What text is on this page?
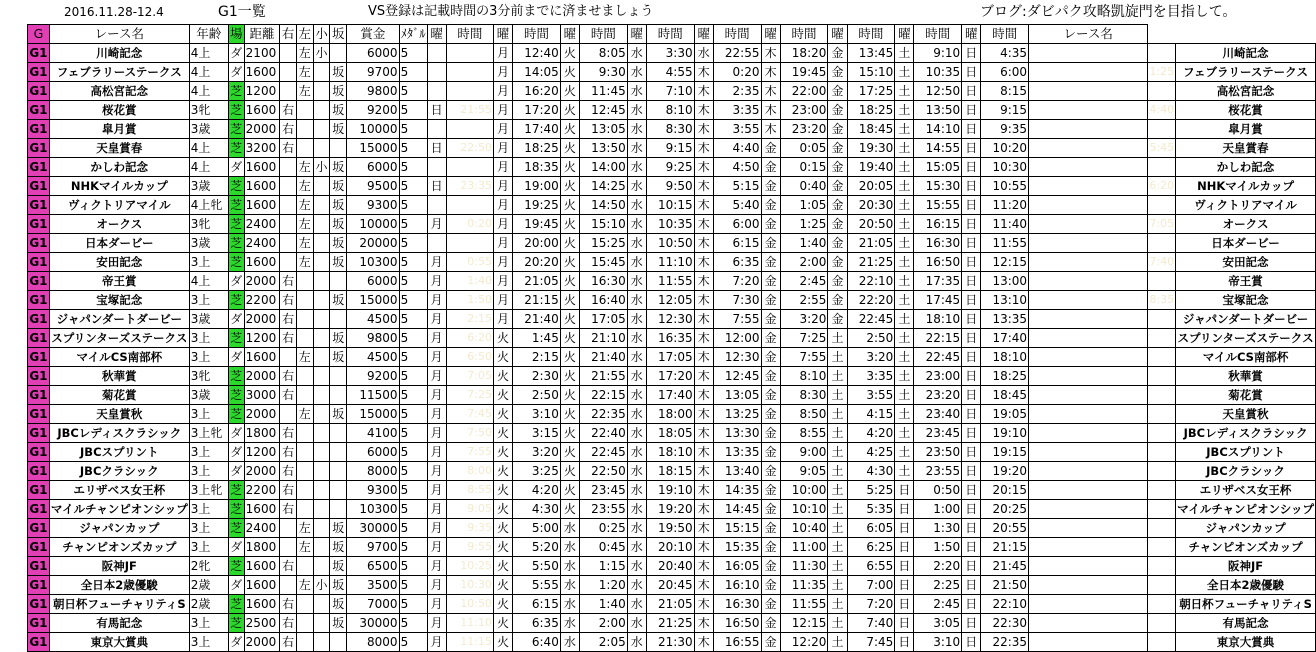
2016.11.28-12.4	G1一覧	VS登録は記載時間の3分前までに済ませましょう	ブログ:ダビパク攻略凱旋門を目指して。
G	レース名	年齢	場	距離	右	左	小	坂	賞金	ﾒﾀﾞﾙ	曜	時間	曜	時間	曜	時間	曜	時間	曜	時間	曜	時間	曜	時間	曜	時間	曜	時間	レース名		
G1	川崎記念	4上	ダ	2100		左	小		6000	5			月	12:40	火	8:05	水	3:30	水	22:55	木	18:20	金	13:45	土	9:10	日	4:35			川崎記念
G1	フェブラリーステークス	4上	ダ	1600		左		坂	9700	5			月	14:05	火	9:30	水	4:55	木	0:20	木	19:45	金	15:10	土	10:35	日	6:00		1:25	フェブラリーステークス
G1	高松宮記念	4上	芝	1200		左		坂	9800	5			月	16:20	火	11:45	水	7:10	木	2:35	木	22:00	金	17:25	土	12:50	日	8:15			高松宮記念
G1	桜花賞	3牝	芝	1600	右			坂	9200	5	日	21:55	月	17:20	火	12:45	水	8:10	木	3:35	木	23:00	金	18:25	土	13:50	日	9:15		4:40	桜花賞
G1	皐月賞	3歳	芝	2000	右			坂	10000	5			月	17:40	火	13:05	水	8:30	木	3:55	木	23:20	金	18:45	土	14:10	日	9:35			皐月賞
G1	天皇賞春	4上	芝	3200	右				15000	5	日	22:50	月	18:25	火	13:50	水	9:15	木	4:40	金	0:05	金	19:30	土	14:55	日	10:20		5:45	天皇賞春
G1	かしわ記念	4上	ダ	1600		左	小	坂	6000	5			月	18:35	火	14:00	水	9:25	木	4:50	金	0:15	金	19:40	土	15:05	日	10:30			かしわ記念
G1	NHKマイルカップ	3歳	芝	1600		左		坂	9500	5	日	23:35	月	19:00	火	14:25	水	9:50	木	5:15	金	0:40	金	20:05	土	15:30	日	10:55		6:20	NHKマイルカップ
G1	ヴィクトリアマイル	4上牝	芝	1600		左		坂	9300	5			月	19:25	火	14:50	水	10:15	木	5:40	金	1:05	金	20:30	土	15:55	日	11:20			ヴィクトリアマイル
G1	オークス	3牝	芝	2400		左		坂	10000	5	月	0:20	月	19:45	火	15:10	水	10:35	木	6:00	金	1:25	金	20:50	土	16:15	日	11:40		7:05	オークス
G1	日本ダービー	3歳	芝	2400		左		坂	20000	5			月	20:00	火	15:25	水	10:50	木	6:15	金	1:40	金	21:05	土	16:30	日	11:55			日本ダービー
G1	安田記念	3上	芝	1600		左		坂	10300	5	月	0:55	月	20:20	火	15:45	水	11:10	木	6:35	金	2:00	金	21:25	土	16:50	日	12:15		7:40	安田記念
G1	帝王賞	4上	ダ	2000	右				6000	5	月	1:40	月	21:05	火	16:30	水	11:55	木	7:20	金	2:45	金	22:10	土	17:35	日	13:00			帝王賞
G1	宝塚記念	3上	芝	2200	右			坂	15000	5	月	1:50	月	21:15	火	16:40	水	12:05	木	7:30	金	2:55	金	22:20	土	17:45	日	13:10		8:35	宝塚記念
G1	ジャパンダートダービー	3歳	ダ	2000	右				4500	5	月	2:15	月	21:40	火	17:05	水	12:30	木	7:55	金	3:20	金	22:45	土	18:10	日	13:35			ジャパンダートダービー
G1	スプリンターズステークス	3上	芝	1200	右			坂	9800	5	月	6:20	火	1:45	火	21:10	水	16:35	木	12:00	金	7:25	土	2:50	土	22:15	日	17:40			スプリンターズステークス
G1	マイルCS南部杯	3上	ダ	1600		左		坂	4500	5	月	6:50	火	2:15	火	21:40	水	17:05	木	12:30	金	7:55	土	3:20	土	22:45	日	18:10			マイルCS南部杯
G1	秋華賞	3牝	芝	2000	右				9200	5	月	7:05	火	2:30	火	21:55	水	17:20	木	12:45	金	8:10	土	3:35	土	23:00	日	18:25			秋華賞
G1	菊花賞	3歳	芝	3000	右				11500	5	月	7:25	火	2:50	火	22:15	水	17:40	木	13:05	金	8:30	土	3:55	土	23:20	日	18:45			菊花賞
G1	天皇賞秋	3上	芝	2000		左		坂	15000	5	月	7:45	火	3:10	火	22:35	水	18:00	木	13:25	金	8:50	土	4:15	土	23:40	日	19:05			天皇賞秋
G1	JBCレディスクラシック	3上牝	ダ	1800	右				4100	5	月	7:50	火	3:15	火	22:40	水	18:05	木	13:30	金	8:55	土	4:20	土	23:45	日	19:10			JBCレディスクラシック
G1	JBCスプリント	3上	ダ	1200	右				6000	5	月	7:55	火	3:20	火	22:45	水	18:10	木	13:35	金	9:00	土	4:25	土	23:50	日	19:15			JBCスプリント
G1	JBCクラシック	3上	ダ	2000	右				8000	5	月	8:00	火	3:25	火	22:50	水	18:15	木	13:40	金	9:05	土	4:30	土	23:55	日	19:20			JBCクラシック
G1	エリザベス女王杯	3上牝	芝	2200	右				9300	5	月	8:55	火	4:20	火	23:45	水	19:10	木	14:35	金	10:00	土	5:25	日	0:50	日	20:15			エリザベス女王杯
G1	マイルチャンピオンシップ	3上	芝	1600	右				10300	5	月	9:05	火	4:30	火	23:55	水	19:20	木	14:45	金	10:10	土	5:35	日	1:00	日	20:25			マイルチャンピオンシップ
G1	ジャパンカップ	3上	芝	2400		左		坂	30000	5	月	9:35	火	5:00	水	0:25	水	19:50	木	15:15	金	10:40	土	6:05	日	1:30	日	20:55			ジャパンカップ
G1	チャンピオンズカップ	3上	ダ	1800		左		坂	9700	5	月	9:55	火	5:20	水	0:45	水	20:10	木	15:35	金	11:00	土	6:25	日	1:50	日	21:15			チャンピオンズカップ
G1	阪神JF	2牝	芝	1600	右			坂	6500	5	月	10:25	火	5:50	水	1:15	水	20:40	木	16:05	金	11:30	土	6:55	日	2:20	日	21:45			阪神JF
G1	全日本2歳優駿	2歳	ダ	1600		左	小	坂	3500	5	月	10:30	火	5:55	水	1:20	水	20:45	木	16:10	金	11:35	土	7:00	日	2:25	日	21:50			全日本2歳優駿
G1	朝日杯フューチャリティS	2歳	芝	1600	右			坂	7000	5	月	10:50	火	6:15	水	1:40	水	21:05	木	16:30	金	11:55	土	7:20	日	2:45	日	22:10			朝日杯フューチャリティS
G1	有馬記念	3上	芝	2500	右			坂	30000	5	月	11:10	火	6:35	水	2:00	水	21:25	木	16:50	金	12:15	土	7:40	日	3:05	日	22:30			有馬記念
G1	東京大賞典	3上	ダ	2000	右				8000	5	月	11:15	火	6:40	水	2:05	水	21:30	木	16:55	金	12:20	土	7:45	日	3:10	日	22:35			東京大賞典
